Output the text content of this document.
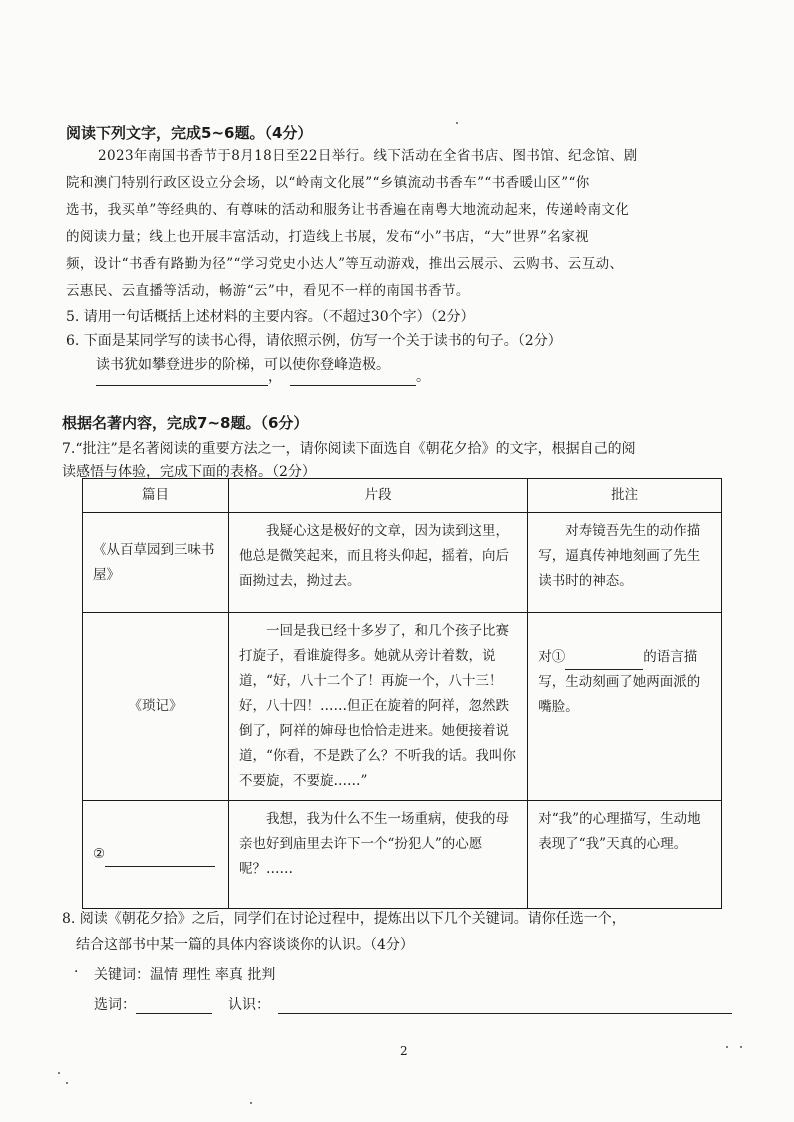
阅读下列文字，完成5~6题。（4分）
2023年南国书香节于8月18日至22日举行。线下活动在全省书店、图书馆、纪念馆、剧
院和澳门特别行政区设立分会场，以“岭南文化展”“乡镇流动书香车”“书香暖山区”“你
选书，我买单”等经典的、有尊味的活动和服务让书香遍在南粤大地流动起来，传递岭南文化
的阅读力量；线上也开展丰富活动，打造线上书展，发布“小”书店，“大”世界”名家视
频，设计“书香有路勤为径”“学习党史小达人”等互动游戏，推出云展示、云购书、云互动、
云惠民、云直播等活动，畅游“云”中，看见不一样的南国书香节。
5. 请用一句话概括上述材料的主要内容。（不超过30个字）（2分）
6. 下面是某同学写的读书心得，请依照示例，仿写一个关于读书的句子。（2分）
读书犹如攀登进步的阶梯，可以使你登峰造极。
，	。
根据名著内容，完成7~8题。（6分）
7.“批注”是名著阅读的重要方法之一，请你阅读下面选自《朝花夕拾》的文字，根据自己的阅
读感悟与体验，完成下面的表格。（2分）
篇目	片段	批注
《从百草园到三味书屋》	我疑心这是极好的文章，因为读到这里，他总是微笑起来，而且将头仰起，摇着，向后面拗过去，拗过去。	对寿镜吾先生的动作描写，逼真传神地刻画了先生读书时的神态。
《琐记》	一回是我已经十多岁了，和几个孩子比赛打旋子，看谁旋得多。她就从旁计着数，说道，“好，八十二个了！再旋一个，八十三！好，八十四！……但正在旋着的阿祥，忽然跌倒了，阿祥的婶母也恰恰走进来。她便接着说道，“你看，不是跌了么？不听我的话。我叫你不要旋，不要旋……”	对① 的语言描写，生动刻画了她两面派的嘴脸。
②	我想，我为什么不生一场重病，使我的母亲也好到庙里去许下一个“扮犯人”的心愿呢？……	对“我”的心理描写，生动地表现了“我”天真的心理。
8. 阅读《朝花夕拾》之后，同学们在讨论过程中，提炼出以下几个关键词。请你任选一个，
结合这部书中某一篇的具体内容谈谈你的认识。（4分）
· 关键词：温情 理性 率真 批判
选词：	认识：
2
